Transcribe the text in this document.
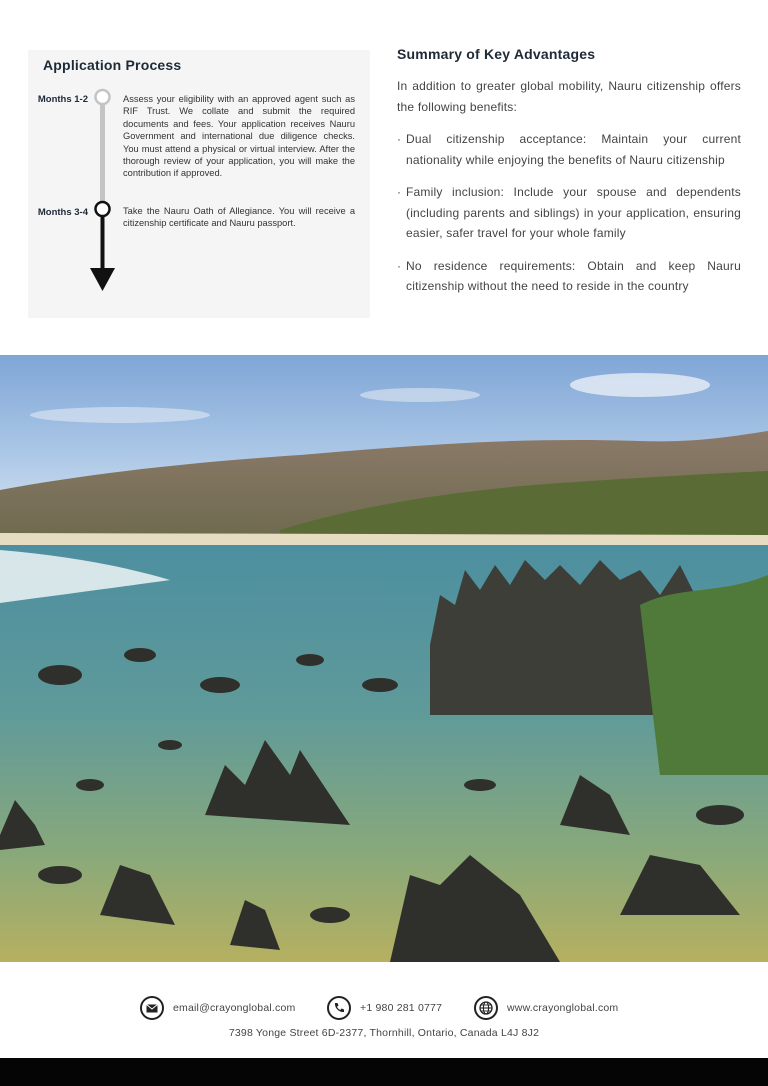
Application Process
Months 1-2	Assess your eligibility with an approved agent such as RIF Trust. We collate and submit the required documents and fees. Your application receives Nauru Government and international due diligence checks. You must attend a physical or virtual interview. After the thorough review of your application, you will make the contribution if approved.
Months 3-4	Take the Nauru Oath of Allegiance. You will receive a citizenship certificate and Nauru passport.
Summary of Key Advantages

In addition to greater global mobility, Nauru citizenship offers the following benefits:

· Dual citizenship acceptance: Maintain your current nationality while enjoying the benefits of Nauru citizenship
· Family inclusion: Include your spouse and dependents (including parents and siblings) in your application, ensuring easier, safer travel for your whole family
· No residence requirements: Obtain and keep Nauru citizenship without the need to reside in the country
email@crayonglobal.com	+1 980 281 0777	www.crayonglobal.com
7398 Yonge Street 6D-2377, Thornhill, Ontario, Canada L4J 8J2
